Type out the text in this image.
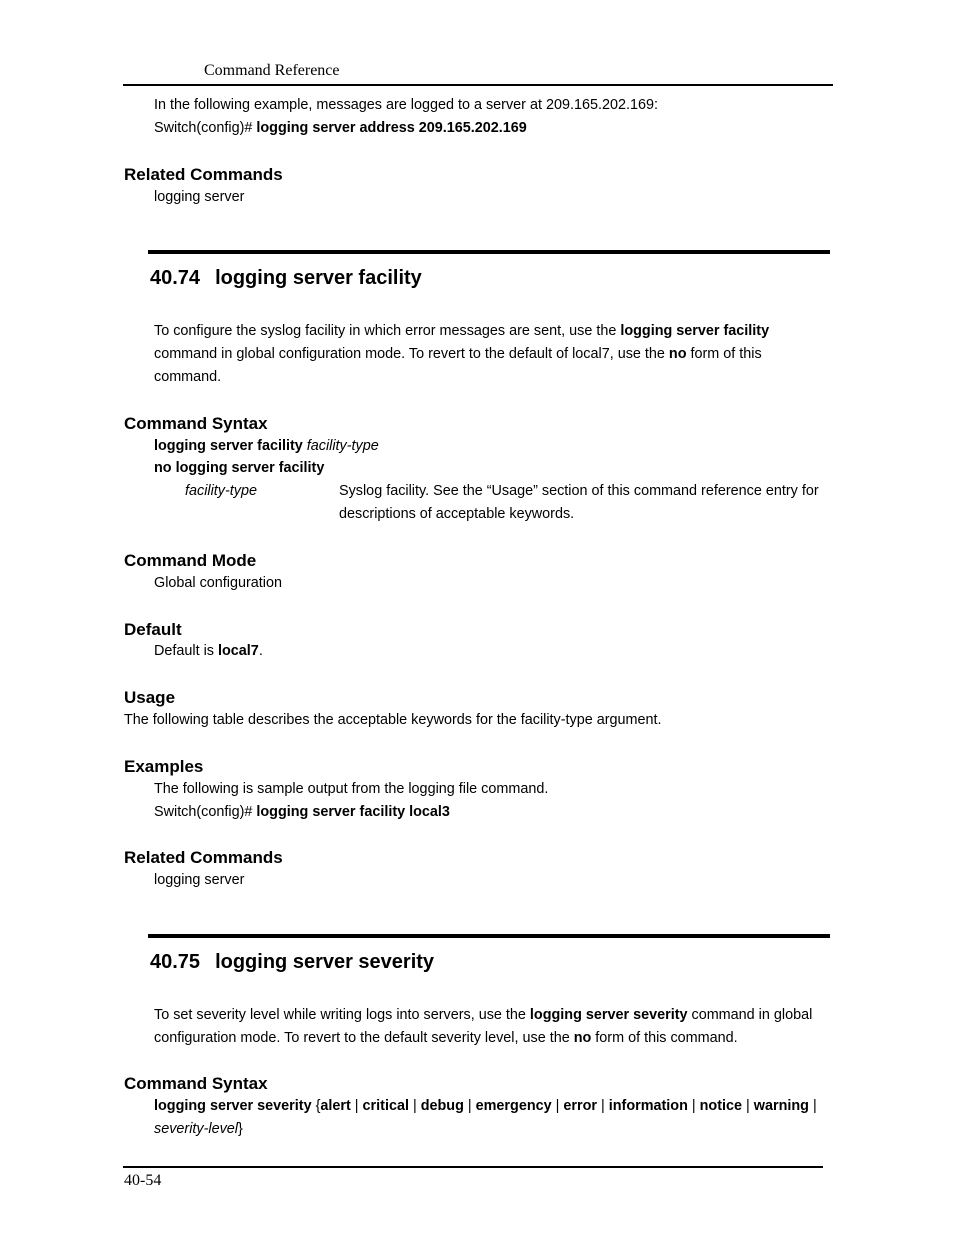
Command Reference
In the following example, messages are logged to a server at 209.165.202.169:
Switch(config)# logging server address 209.165.202.169
Related Commands
logging server
40.74 logging server facility
To configure the syslog facility in which error messages are sent, use the logging server facility
command in global configuration mode. To revert to the default of local7, use the no form of this
command.
Command Syntax
logging server facility facility-type
no logging server facility
facility-type	Syslog facility. See the “Usage” section of this command reference entry for
descriptions of acceptable keywords.
Command Mode
Global configuration
Default
Default is local7.
Usage
The following table describes the acceptable keywords for the facility-type argument.
Examples
The following is sample output from the logging file command.
Switch(config)# logging server facility local3
Related Commands
logging server
40.75 logging server severity
To set severity level while writing logs into servers, use the logging server severity command in global
configuration mode. To revert to the default severity level, use the no form of this command.
Command Syntax
logging server severity {alert | critical | debug | emergency | error | information | notice | warning |
severity-level}
40-54
